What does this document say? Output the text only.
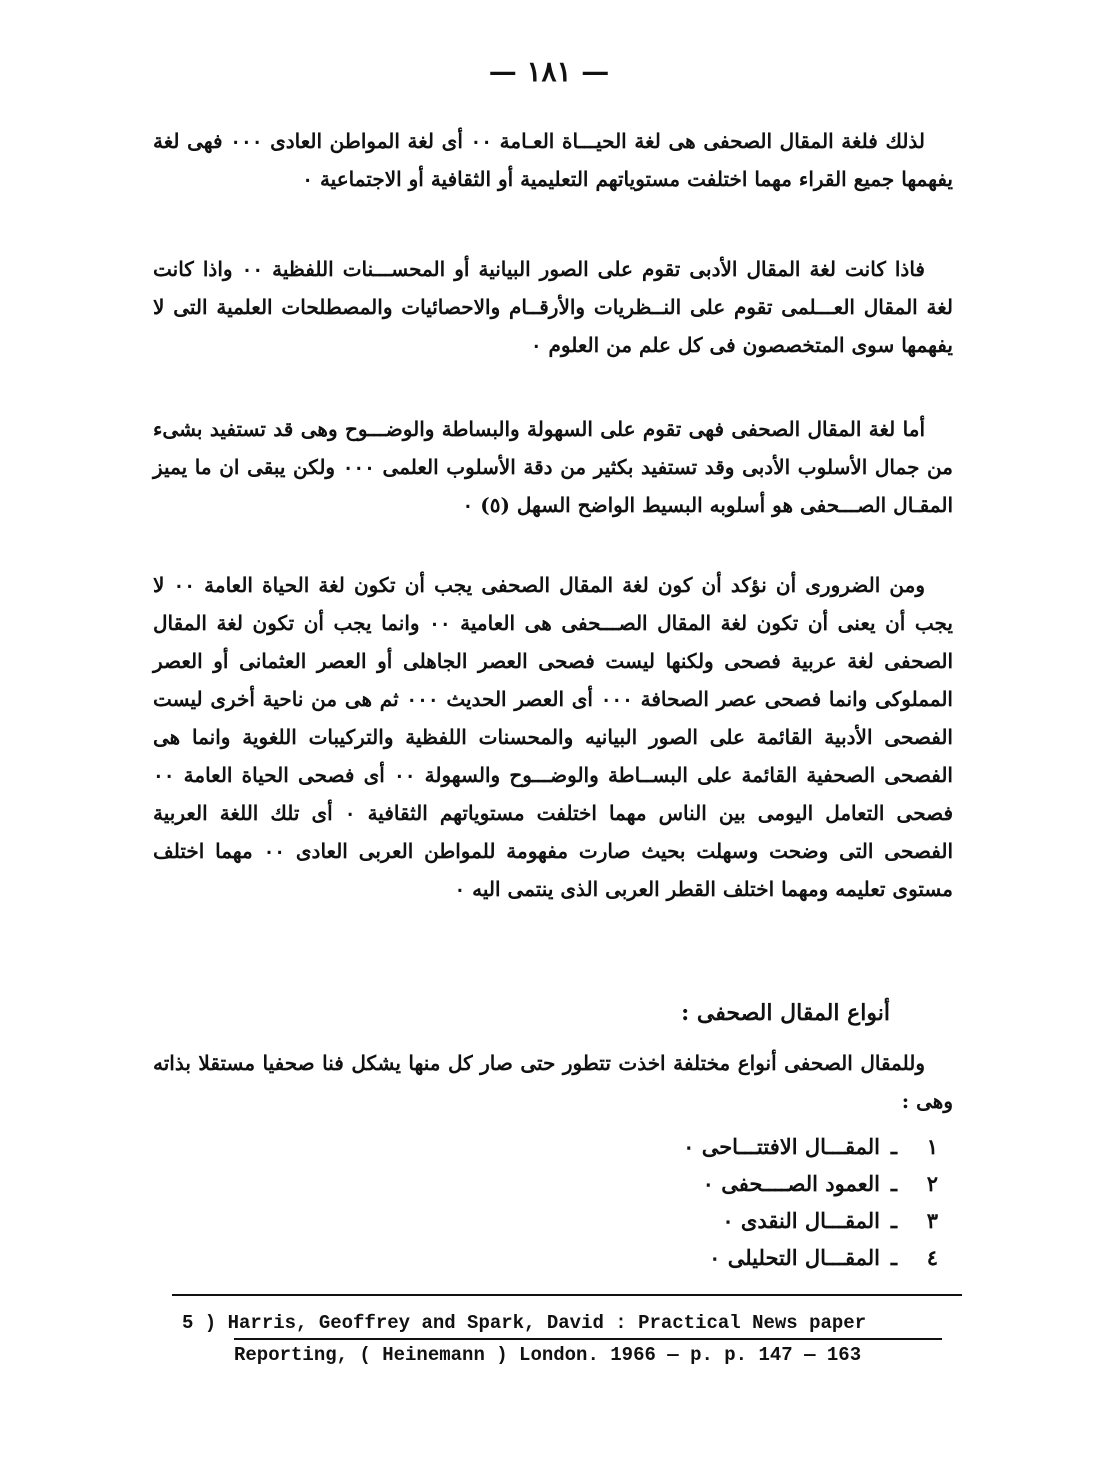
— ١٨١ —
لذلك فلغة المقال الصحفى هى لغة الحيـــاة العـامة ٠٠ أى لغة المواطن العادى ٠٠٠ فهى لغة يفهمها جميع القراء مهما اختلفت مستوياتهم التعليمية أو الثقافية أو الاجتماعية ٠
فاذا كانت لغة المقال الأدبى تقوم على الصور البيانية أو المحســـنات اللفظية ٠٠ واذا كانت لغة المقال العـــلمى تقوم على النــظريات والأرقــام والاحصائيات والمصطلحات العلمية التى لا يفهمها سوى المتخصصون فى كل علم من العلوم ٠
أما لغة المقال الصحفى فهى تقوم على السهولة والبساطة والوضـــوح وهى قد تستفيد بشىء من جمال الأسلوب الأدبى وقد تستفيد بكثير من دقة الأسلوب العلمى ٠٠٠ ولكن يبقى ان ما يميز المقـال الصـــحفى هو أسلوبه البسيط الواضح السهل (٥) ٠
ومن الضرورى أن نؤكد أن كون لغة المقال الصحفى يجب أن تكون لغة الحياة العامة ٠٠ لا يجب أن يعنى أن تكون لغة المقال الصـــحفى هى العامية ٠٠ وانما يجب أن تكون لغة المقال الصحفى لغة عربية فصحى ولكنها ليست فصحى العصر الجاهلى أو العصر العثمانى أو العصر المملوكى وانما فصحى عصر الصحافة ٠٠٠ أى العصر الحديث ٠٠٠ ثم هى من ناحية أخرى ليست الفصحى الأدبية القائمة على الصور البيانيه والمحسنات اللفظية والتركيبات اللغوية وانما هى الفصحى الصحفية القائمة على البســاطة والوضـــوح والسهولة ٠٠ أى فصحى الحياة العامة ٠٠ فصحى التعامل اليومى بين الناس مهما اختلفت مستوياتهم الثقافية ٠ أى تلك اللغة العربية الفصحى التى وضحت وسهلت بحيث صارت مفهومة للمواطن العربى العادى ٠٠ مهما اختلف مستوى تعليمه ومهما اختلف القطر العربى الذى ينتمى اليه ٠
أنواع المقال الصحفى :
وللمقال الصحفى أنواع مختلفة اخذت تتطور حتى صار كل منها يشكل فنا صحفيا مستقلا بذاته وهى :
١ـالمقـــال الافتتـــاحى ٠
٢ـالعمود الصــــحفى ٠
٣ـالمقـــال النقدى ٠
٤ـالمقـــال التحليلى ٠
5 ) Harris, Geoffrey and Spark, David : Practical News paper
Reporting, ( Heinemann ) London. 1966 — p. p. 147 — 163
